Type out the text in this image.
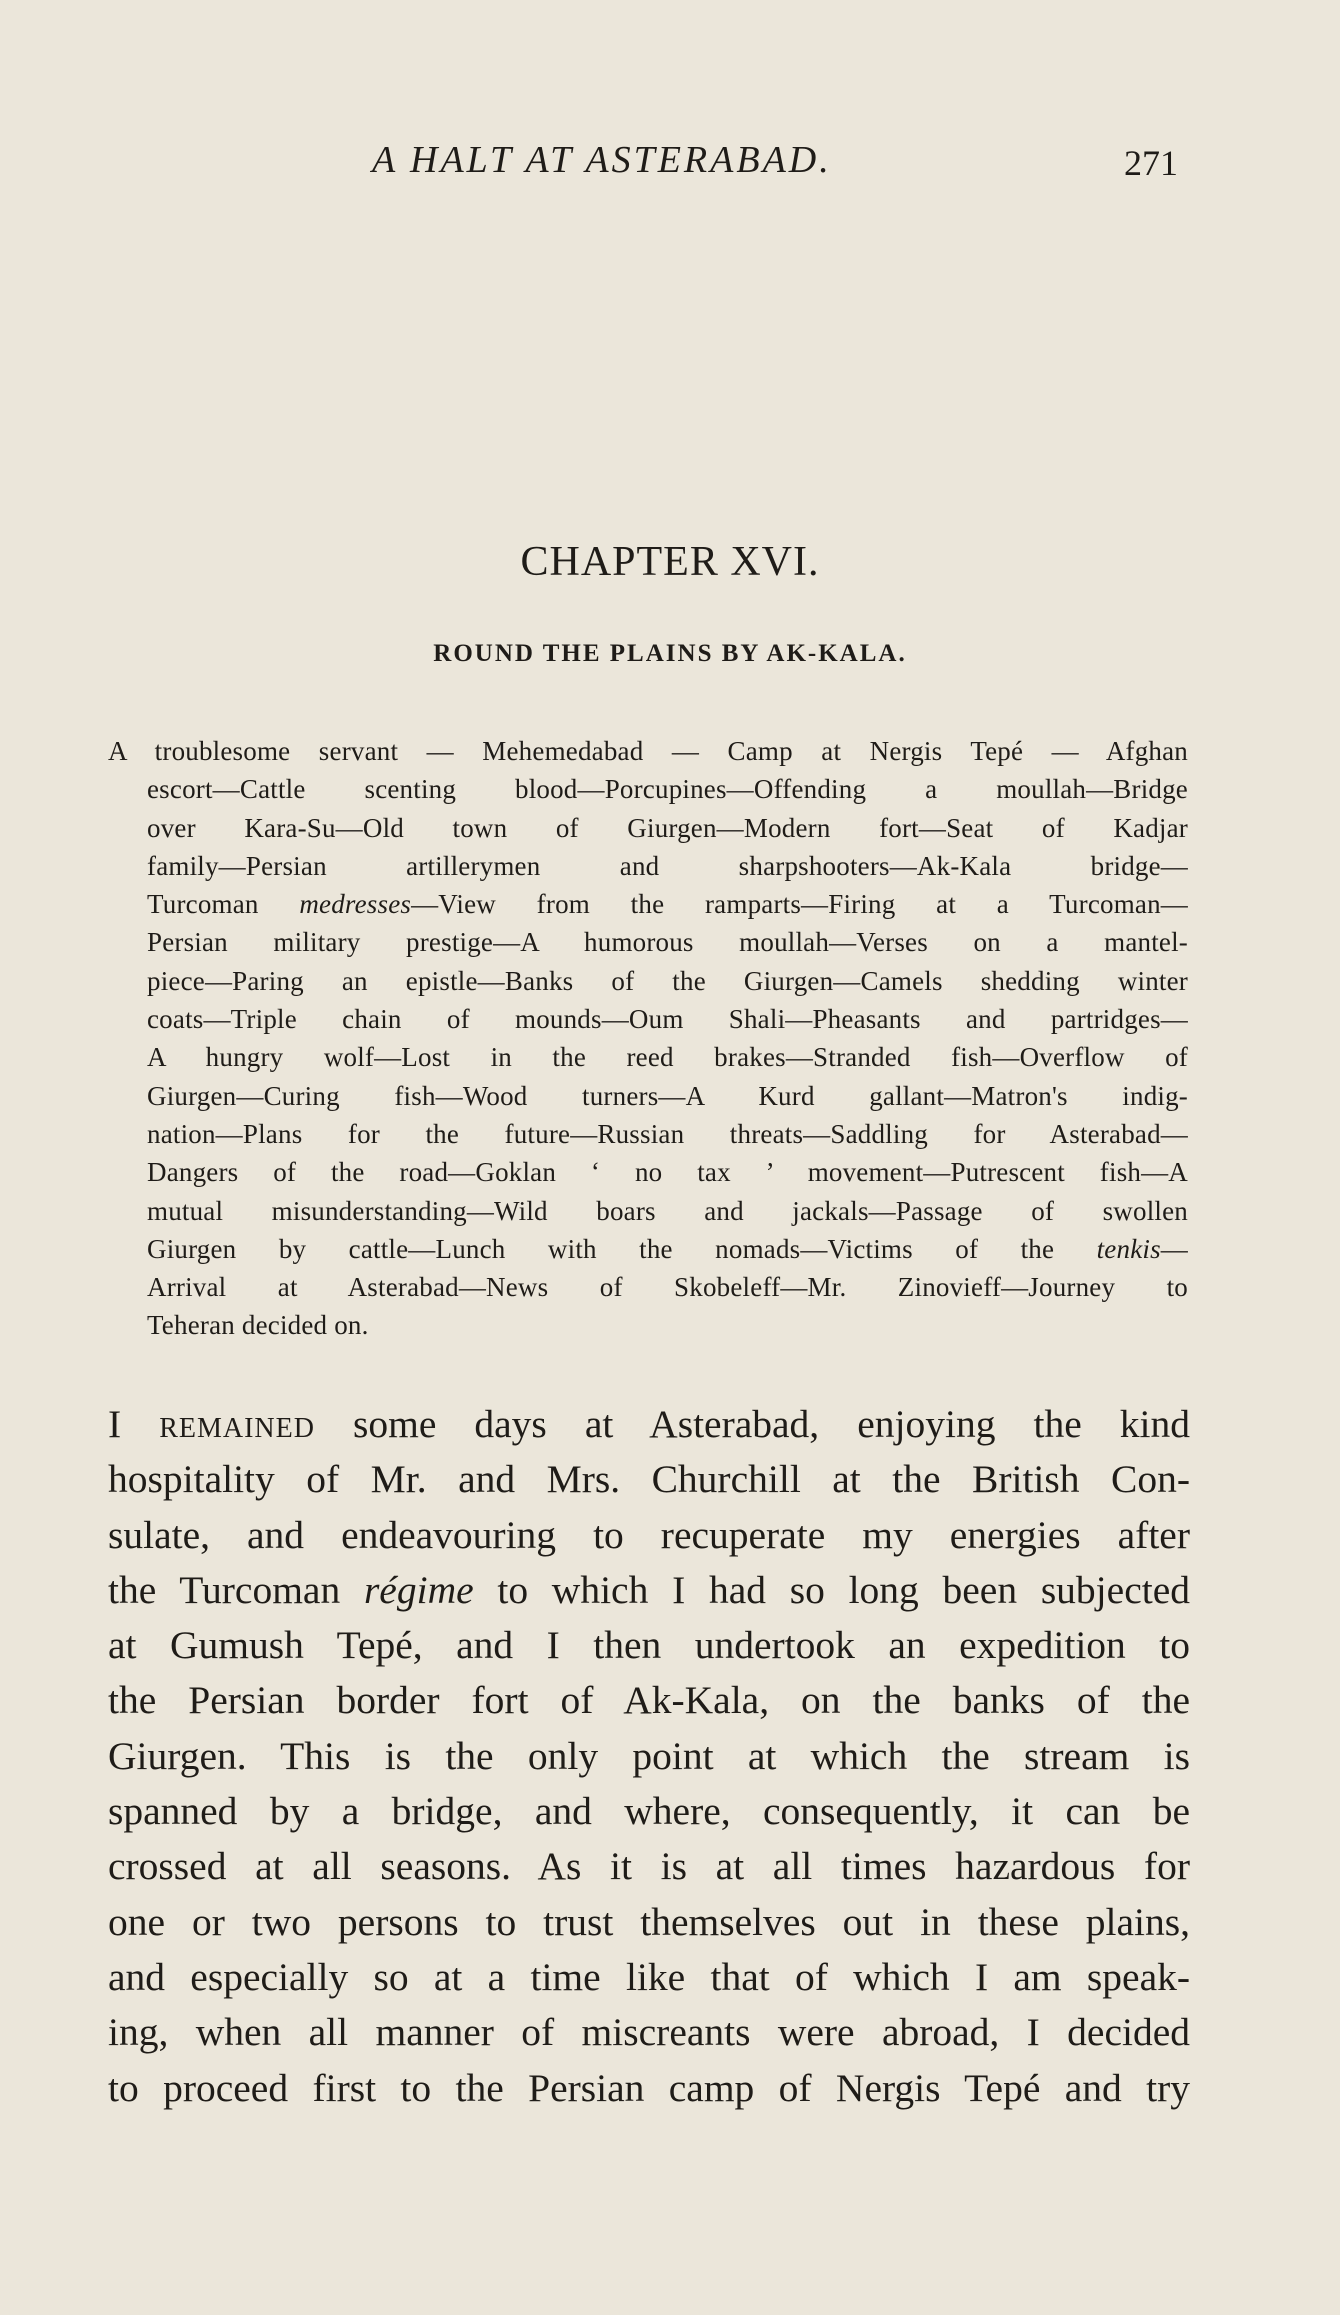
A HALT AT ASTERABAD.	271
CHAPTER XVI.
ROUND THE PLAINS BY AK-KALA.
A troublesome servant — Mehemedabad — Camp at Nergis Tepé — Afghan
escort—Cattle scenting blood—Porcupines—Offending a moullah—Bridge
over Kara-Su—Old town of Giurgen—Modern fort—Seat of Kadjar
family—Persian artillerymen and sharpshooters—Ak-Kala bridge—
Turcoman medresses—View from the ramparts—Firing at a Turcoman—
Persian military prestige—A humorous moullah—Verses on a mantel-
piece—Paring an epistle—Banks of the Giurgen—Camels shedding winter
coats—Triple chain of mounds—Oum Shali—Pheasants and partridges—
A hungry wolf—Lost in the reed brakes—Stranded fish—Overflow of
Giurgen—Curing fish—Wood turners—A Kurd gallant—Matron's indig-
nation—Plans for the future—Russian threats—Saddling for Asterabad—
Dangers of the road—Goklan ‘ no tax ’ movement—Putrescent fish—A
mutual misunderstanding—Wild boars and jackals—Passage of swollen
Giurgen by cattle—Lunch with the nomads—Victims of the tenkis—
Arrival at Asterabad—News of Skobeleff—Mr. Zinovieff—Journey to
Teheran decided on.
I remained some days at Asterabad, enjoying the kind
hospitality of Mr. and Mrs. Churchill at the British Con-
sulate, and endeavouring to recuperate my energies after
the Turcoman régime to which I had so long been subjected
at Gumush Tepé, and I then undertook an expedition to
the Persian border fort of Ak-Kala, on the banks of the
Giurgen. This is the only point at which the stream is
spanned by a bridge, and where, consequently, it can be
crossed at all seasons. As it is at all times hazardous for
one or two persons to trust themselves out in these plains,
and especially so at a time like that of which I am speak-
ing, when all manner of miscreants were abroad, I decided
to proceed first to the Persian camp of Nergis Tepé and try
